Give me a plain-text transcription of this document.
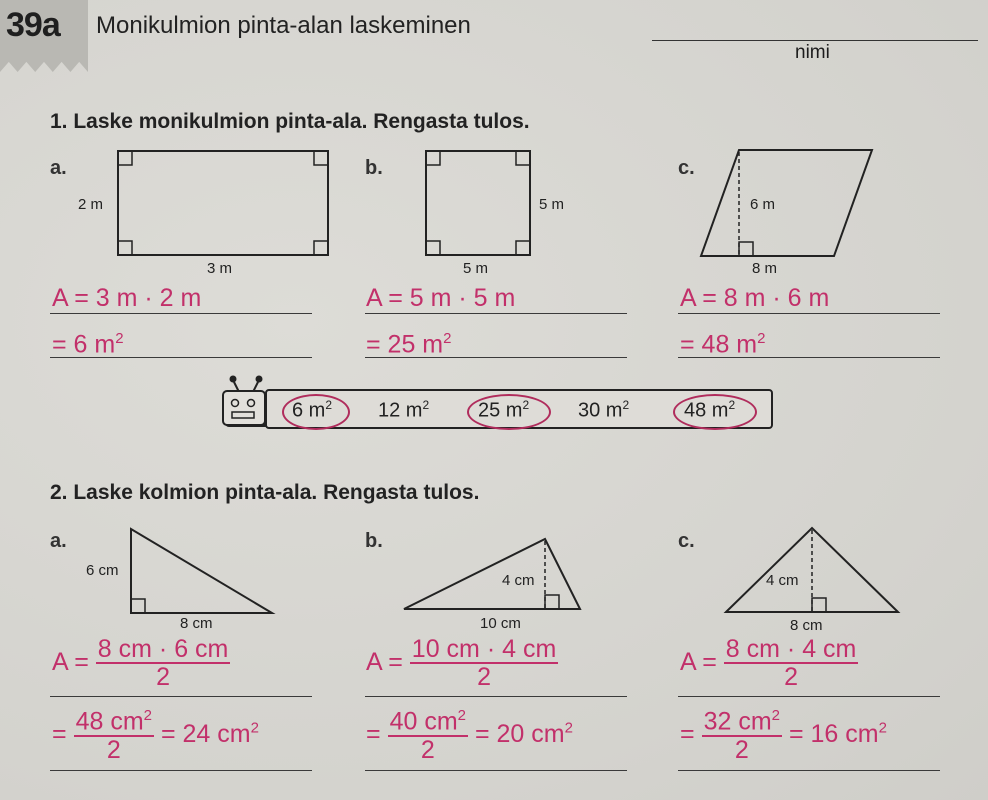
39a Monikulmion pinta-alan laskeminen
nimi
1. Laske monikulmion pinta-ala. Rengasta tulos.
a.
2 m
3 m
A = 3 m · 2 m
= 6 $m^2$
b.
5 m
5 m
A = 5 m · 5 m
= 25 $m^2$
c.
6 m
8 m
A = 8 m · 6 m
= 48 $m^2$
6 $m^2$ 12 $m^2$ 25 $m^2$ 30 $m^2$	48 $m^2$
2. Laske kolmion pinta-ala. Rengasta tulos.
a.
6 cm
8 cm
$A = \frac{8 cm \cdot 6 cm}{2}$
= $\frac{48 cm^2}{2} = 24$ $cm^2$
b.
4 cm
10 cm
$A = \frac{10 cm \cdot 4 cm}{2}$
= $\frac{40 cm^2}{2} = 20$ $cm^2$
c.
4 cm
8 cm
$A = \frac{8 cm \cdot 4 cm}{2}$
= $\frac{32 cm^2}{2} = 16$ $cm^2$
